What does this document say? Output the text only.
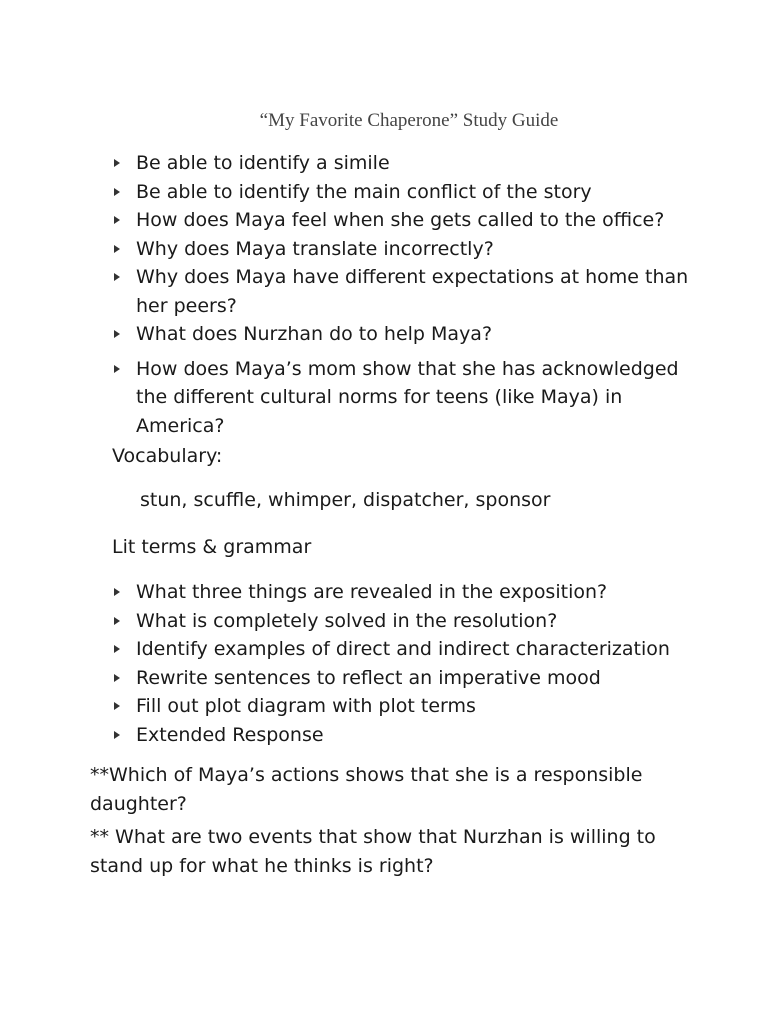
“My Favorite Chaperone” Study Guide
Be able to identify a simile
Be able to identify the main conflict of the story
How does Maya feel when she gets called to the office?
Why does Maya translate incorrectly?
Why does Maya have different expectations at home than her peers?
What does Nurzhan do to help Maya?
How does Maya’s mom show that she has acknowledged the different cultural norms for teens (like Maya) in America?

Vocabulary:

stun, scuffle, whimper, dispatcher, sponsor

Lit terms & grammar

What three things are revealed in the exposition?
What is completely solved in the resolution?
Identify examples of direct and indirect characterization
Rewrite sentences to reflect an imperative mood
Fill out plot diagram with plot terms
Extended Response

**Which of Maya’s actions shows that she is a responsible daughter?

** What are two events that show that Nurzhan is willing to stand up for what he thinks is right?
